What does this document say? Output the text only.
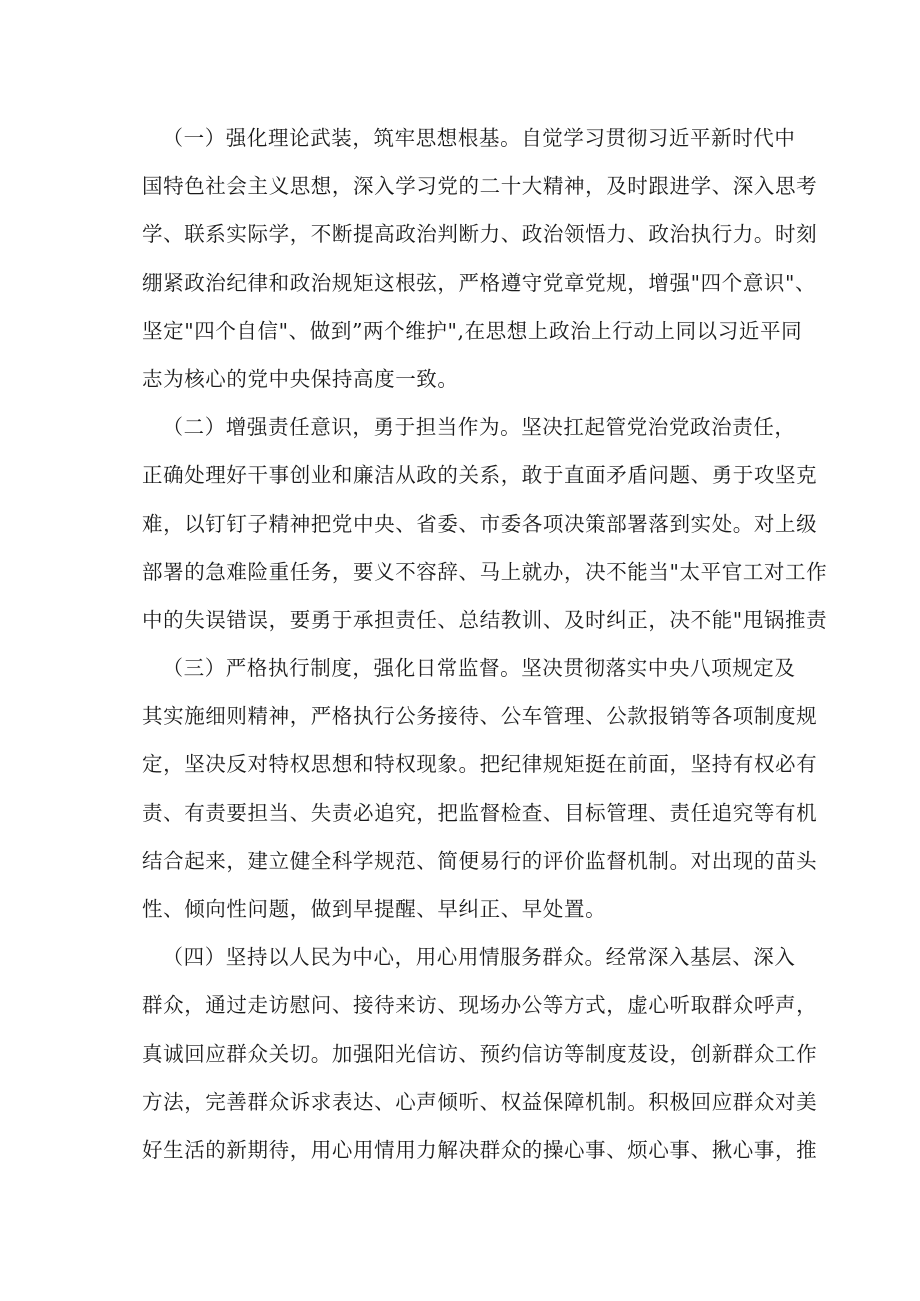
（一）强化理论武装，筑牢思想根基。自觉学习贯彻习近平新时代中
国特色社会主义思想，深入学习党的二十大精神，及时跟进学、深入思考
学、联系实际学，不断提高政治判断力、政治领悟力、政治执行力。时刻
绷紧政治纪律和政治规矩这根弦，严格遵守党章党规，增强"四个意识"、
坚定"四个自信"、做到”两个维护",在思想上政治上行动上同以习近平同
志为核心的党中央保持高度一致。
（二）增强责任意识，勇于担当作为。坚决扛起管党治党政治责任，
正确处理好干事创业和廉洁从政的关系，敢于直面矛盾问题、勇于攻坚克
难，以钉钉子精神把党中央、省委、市委各项决策部署落到实处。对上级
部署的急难险重任务，要义不容辞、马上就办，决不能当"太平官工对工作
中的失误错误，要勇于承担责任、总结教训、及时纠正，决不能"甩锅推责
（三）严格执行制度，强化日常监督。坚决贯彻落实中央八项规定及
其实施细则精神，严格执行公务接待、公车管理、公款报销等各项制度规
定，坚决反对特权思想和特权现象。把纪律规矩挺在前面，坚持有权必有
责、有责要担当、失责必追究，把监督检查、目标管理、责任追究等有机
结合起来，建立健全科学规范、简便易行的评价监督机制。对出现的苗头
性、倾向性问题，做到早提醒、早纠正、早处置。
（四）坚持以人民为中心，用心用情服务群众。经常深入基层、深入
群众，通过走访慰问、接待来访、现场办公等方式，虚心听取群众呼声，
真诚回应群众关切。加强阳光信访、预约信访等制度芨设，创新群众工作
方法，完善群众诉求表达、心声倾听、权益保障机制。积极回应群众对美
好生活的新期待，用心用情用力解决群众的操心事、烦心事、揪心事，推
